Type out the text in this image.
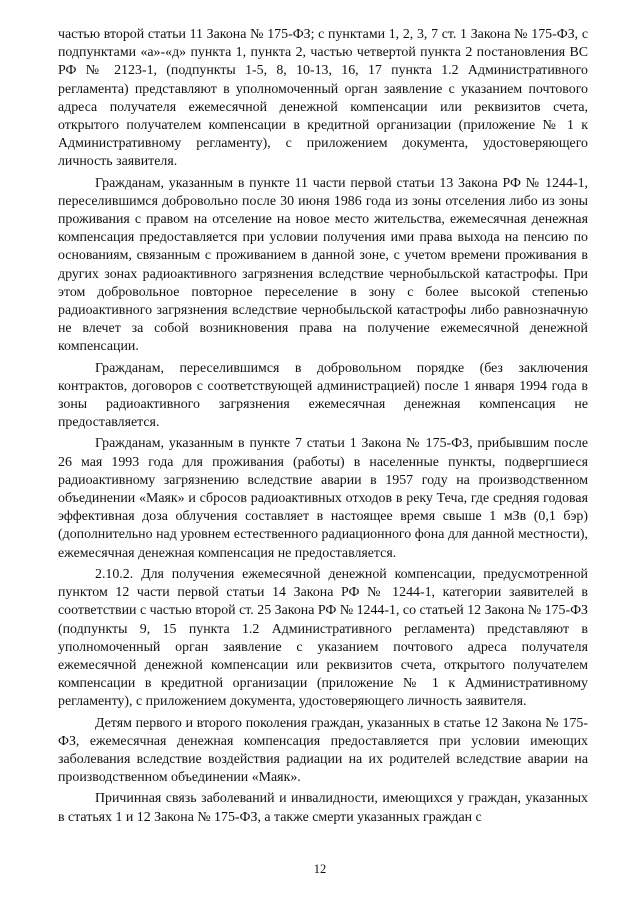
частью второй статьи 11 Закона № 175-ФЗ; с пунктами 1, 2, 3, 7 ст. 1 Закона № 175-ФЗ, с подпунктами «а»-«д» пункта 1, пункта 2, частью четвертой пункта 2 постановления ВС РФ № 2123-1, (подпункты 1-5, 8, 10-13, 16, 17 пункта 1.2 Административного регламента) представляют в уполномоченный орган заявление с указанием почтового адреса получателя ежемесячной денежной компенсации или реквизитов счета, открытого получателем компенсации в кредитной организации (приложение № 1 к Административному регламенту), с приложением документа, удостоверяющего личность заявителя.

Гражданам, указанным в пункте 11 части первой статьи 13 Закона РФ № 1244-1, переселившимся добровольно после 30 июня 1986 года из зоны отселения либо из зоны проживания с правом на отселение на новое место жительства, ежемесячная денежная компенсация предоставляется при условии получения ими права выхода на пенсию по основаниям, связанным с проживанием в данной зоне, с учетом времени проживания в других зонах радиоактивного загрязнения вследствие чернобыльской катастрофы. При этом добровольное повторное переселение в зону с более высокой степенью радиоактивного загрязнения вследствие чернобыльской катастрофы либо равнозначную не влечет за собой возникновения права на получение ежемесячной денежной компенсации.

Гражданам, переселившимся в добровольном порядке (без заключения контрактов, договоров с соответствующей администрацией) после 1 января 1994 года в зоны радиоактивного загрязнения ежемесячная денежная компенсация не предоставляется.

Гражданам, указанным в пункте 7 статьи 1 Закона № 175-ФЗ, прибывшим после 26 мая 1993 года для проживания (работы) в населенные пункты, подвергшиеся радиоактивному загрязнению вследствие аварии в 1957 году на производственном объединении «Маяк» и сбросов радиоактивных отходов в реку Теча, где средняя годовая эффективная доза облучения составляет в настоящее время свыше 1 мЗв (0,1 бэр) (дополнительно над уровнем естественного радиационного фона для данной местности), ежемесячная денежная компенсация не предоставляется.

2.10.2. Для получения ежемесячной денежной компенсации, предусмотренной пунктом 12 части первой статьи 14 Закона РФ № 1244-1, категории заявителей в соответствии с частью второй ст. 25 Закона РФ № 1244-1, со статьей 12 Закона № 175-ФЗ (подпункты 9, 15 пункта 1.2 Административного регламента) представляют в уполномоченный орган заявление с указанием почтового адреса получателя ежемесячной денежной компенсации или реквизитов счета, открытого получателем компенсации в кредитной организации (приложение № 1 к Административному регламенту), с приложением документа, удостоверяющего личность заявителя.

Детям первого и второго поколения граждан, указанных в статье 12 Закона № 175-ФЗ, ежемесячная денежная компенсация предоставляется при условии имеющих заболевания вследствие воздействия радиации на их родителей вследствие аварии на производственном объединении «Маяк».

Причинная связь заболеваний и инвалидности, имеющихся у граждан, указанных в статьях 1 и 12 Закона № 175-ФЗ, а также смерти указанных граждан с

12
